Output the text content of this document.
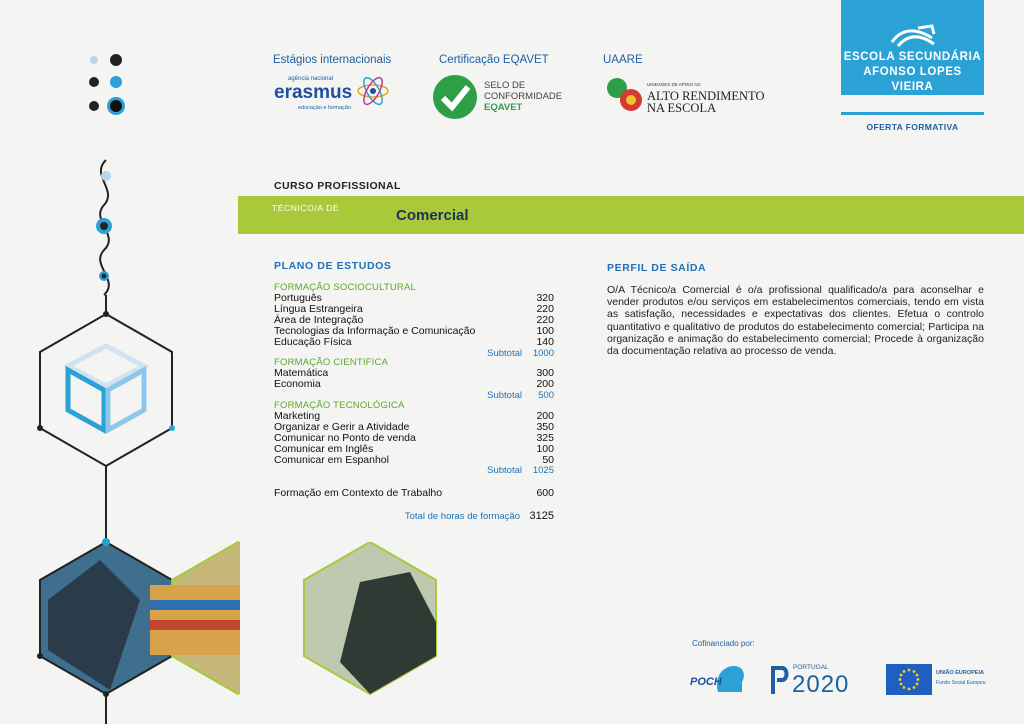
Estágios internacionais	Certificação EQAVET	UAARE
agência nacional
erasmus
educação e formação
SELO DE
CONFORMIDADE
EQAVET
UNIDADES DE APOIO AO
ALTO RENDIMENTO
NA ESCOLA
ESCOLA SECUNDÁRIA
AFONSO LOPES VIEIRA
OFERTA FORMATIVA
CURSO PROFISSIONAL
TÉCNICO/A DE	Comercial
PLANO DE ESTUDOS
FORMAÇÃO SOCIOCULTURAL
Português	320
Língua Estrangeira	220
Área de Integração	220
Tecnologias da Informação e Comunicação	100
Educação Física	140
Subtotal	1000
FORMAÇÃO CIENTIFICA
Matemática	300
Economia	200
Subtotal	500
FORMAÇÃO TECNOLÓGICA
Marketing	200
Organizar e Gerir a Atividade	350
Comunicar no Ponto de venda	325
Comunicar em Inglês	100
Comunicar em Espanhol	50
Subtotal	1025
Formação em Contexto de Trabalho	600
Total de horas de formação 3125
PERFIL DE SAÍDA
O/A Técnico/a Comercial é o/a profissional qualificado/a para aconselhar e vender produtos e/ou serviços em estabelecimentos comerciais, tendo em vista as satisfação, necessidades e expectativas dos clientes. Efetua o controlo quantitativo e qualitativo de produtos do estabelecimento comercial; Participa na organização e animação do estabelecimento comercial; Procede à organização da documentação relativa ao processo de venda.
Cofinanciado por:
POCH
PORTUGAL
2020	UNIÃO EUROPEIA
Fundo Social Europeu
